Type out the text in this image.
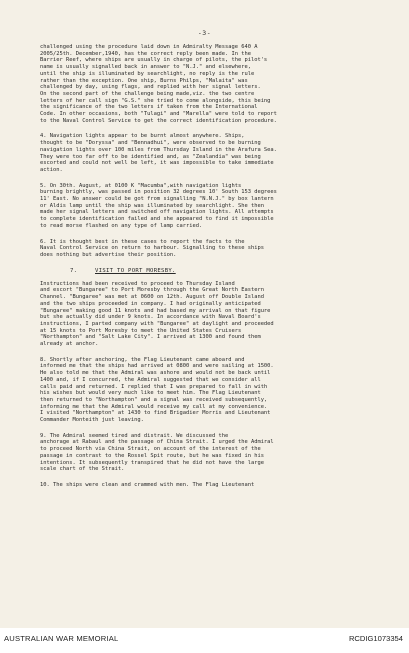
-3-
challenged using the procedure laid down in Admiralty Message 640 A
2005/25th. December,1940, has the correct reply been made. In the
Barrier Reef, where ships are usually in charge of pilots, the pilot's
name is usually signalled back in answer to "N.J." and elsewhere,
until the ship is illuminated by searchlight, no reply is the rule
rather than the exception. One ship, Burns Philps, "Malaita" was
challenged by day, using flags, and replied with her signal letters.
On the second part of the challenge being made,viz. the two centre
letters of her call sign "G.S." she tried to come alongside, this being
the significance of the two letters if taken from the International
Code. In other occasions, both "Tulagi" and "Marella" were told to report
to the Naval Control Service to get the correct identification procedure.
4. Navigation lights appear to be burnt almost anywhere. Ships,
thought to be "Doryssa" and "Bennadhui", were observed to be burning
navigation lights over 100 miles from Thursday Island in the Arafura Sea.
They were too far off to be identified and, as "Zealandia" was being
escorted and could not well be left, it was impossible to take immediate
action.
5. On 30th. August, at 0100 K "Macumba",with navigation lights
burning brightly, was passed in position 32 degrees 10' South 153 degrees
11' East. No answer could be got from signalling "N.N.J." by box lantern
or Aldis lamp until the ship was illuminated by searchlight. She then
made her signal letters and switched off navigation lights. All attempts
to complete identification failed and she appeared to find it impossible
to read morse flashed on any type of lamp carried.
6. It is thought best in these cases to report the facts to the
Naval Control Service on return to harbour. Signalling to these ships
does nothing but advertise their position.
7.	VISIT TO PORT MORESBY.
Instructions had been received to proceed to Thursday Island
and escort "Bungaree" to Port Moresby through the Great North Eastern
Channel. "Bungaree" was met at 0600 on 12th. August off Double Island
and the two ships proceeded in company. I had originally anticipated
"Bungaree" making good 11 knots and had based my arrival on that figure
but she actually did under 9 knots. In accordance with Naval Board's
instructions, I parted company with "Bungaree" at daylight and proceeded
at 15 knots to Port Moresby to meet the United States Cruisers
"Northampton" and "Salt Lake City". I arrived at 1300 and found them
already at anchor.
8. Shortly after anchoring, the Flag Lieutenant came aboard and
informed me that the ships had arrived at 0800 and were sailing at 1500.
He also told me that the Admiral was ashore and would not be back until
1400 and, if I concurred, the Admiral suggested that we consider all
calls paid and returned. I replied that I was prepared to fall in with
his wishes but would very much like to meet him. The Flag Lieutenant
then returned to "Northampton" and a signal was received subsequently,
informing me that the Admiral would receive my call at my convenience.
I visited "Northampton" at 1430 to find Brigadier Morris and Lieutenant
Commander Monteith just leaving.
9. The Admiral seemed tired and distrait. We discussed the
anchorage at Rabaul and the passage of China Strait. I urged the Admiral
to proceed North via China Strait, on account of the interest of the
passage in contrast to the Rossel Spit route, but he was fixed in his
intentions. It subsequently transpired that he did not have the large
scale chart of the Strait.
10. The ships were clean and crammed with men. The Flag Lieutenant
AUSTRALIAN WAR MEMORIAL	RCDIG1073354
